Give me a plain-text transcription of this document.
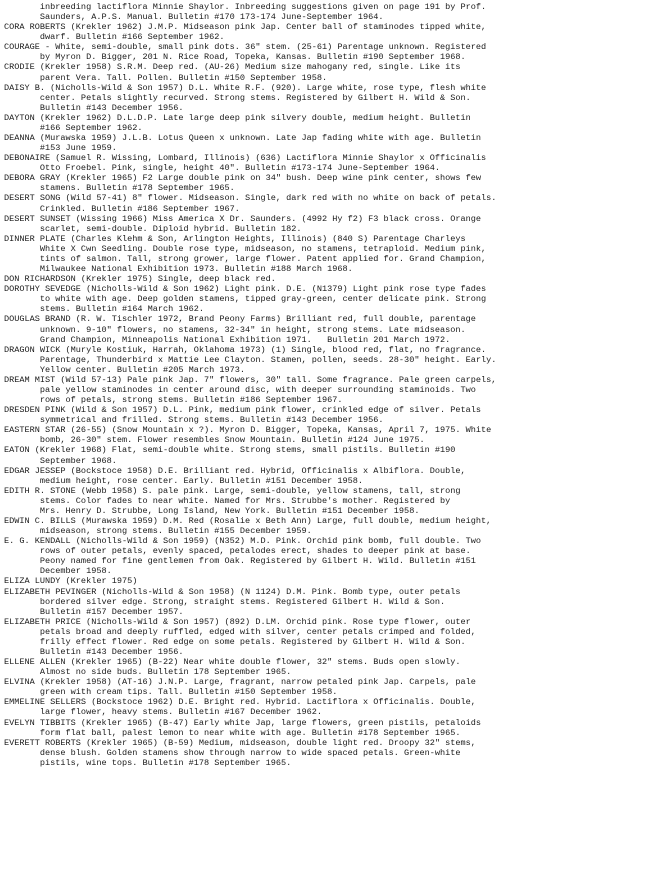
inbreeding lactiflora Minnie Shaylor. Inbreeding suggestions given on page 191 by Prof.
Saunders, A.P.S. Manual. Bulletin #170 173-174 June-September 1964.
CORA ROBERTS (Krekler 1962) J.M.P. Midseason pink Jap. Center ball of staminodes tipped white,
dwarf. Bulletin #166 September 1962.
COURAGE - White, semi-double, small pink dots. 36" stem. (25-61) Parentage unknown. Registered
by Myron D. Bigger, 201 N. Rice Road, Topeka, Kansas. Bulletin #190 September 1968.
CRODIE (Krekler 1958) S.R.M. Deep red. (AU-26) Medium size mahogany red, single. Like its
parent Vera. Tall. Pollen. Bulletin #150 September 1958.
DAISY B. (Nicholls-Wild & Son 1957) D.L. White R.F. (920). Large white, rose type, flesh white
center. Petals slightly recurved. Strong stems. Registered by Gilbert H. Wild & Son.
Bulletin #143 December 1956.
DAYTON (Krekler 1962) D.L.D.P. Late large deep pink silvery double, medium height. Bulletin
#166 September 1962.
DEANNA (Murawska 1959) J.L.B. Lotus Queen x unknown. Late Jap fading white with age. Bulletin
#153 June 1959.
DEBONAIRE (Samuel R. Wissing, Lombard, Illinois) (636) Lactiflora Minnie Shaylor x Officinalis
Otto Froebel. Pink, single, height 40". Bulletin #173-174 June-September 1964.
DEBORA GRAY (Krekler 1965) F2 Large double pink on 34" bush. Deep wine pink center, shows few
stamens. Bulletin #178 September 1965.
DESERT SONG (Wild 57-41) 8" flower. Midseason. Single, dark red with no white on back of petals.
Crinkled. Bulletin #186 September 1967.
DESERT SUNSET (Wissing 1966) Miss America X Dr. Saunders. (4992 Hy f2) F3 black cross. Orange
scarlet, semi-double. Diploid hybrid. Bulletin 182.
DINNER PLATE (Charles Klehm & Son, Arlington Heights, Illinois) (840 S) Parentage Charleys
White X Cwn Seedling. Double rose type, midseason, no stamens, tetraploid. Medium pink,
tints of salmon. Tall, strong grower, large flower. Patent applied for. Grand Champion,
Milwaukee National Exhibition 1973. Bulletin #188 March 1968.
DON RICHARDSON (Krekler 1975) Single, deep black red.
DOROTHY SEVEDGE (Nicholls-Wild & Son 1962) Light pink. D.E. (N1379) Light pink rose type fades
to white with age. Deep golden stamens, tipped gray-green, center delicate pink. Strong
stems. Bulletin #164 March 1962.
DOUGLAS BRAND (R. W. Tischler 1972, Brand Peony Farms) Brilliant red, full double, parentage
unknown. 9-10" flowers, no stamens, 32-34" in height, strong stems. Late midseason.
Grand Champion, Minneapolis National Exhibition 1971.   Bulletin 201 March 1972.
DRAGON WICK (Muryle Kostiuk, Harrah, Oklahoma 1973) (1) Single, blood red, flat, no fragrance.
Parentage, Thunderbird x Mattie Lee Clayton. Stamen, pollen, seeds. 28-30" height. Early.
Yellow center. Bulletin #205 March 1973.
DREAM MIST (Wild 57-13) Pale pink Jap. 7" flowers, 30" tall. Some fragrance. Pale green carpels,
pale yellow staminodes in center around disc, with deeper surrounding staminoids. Two
rows of petals, strong stems. Bulletin #186 September 1967.
DRESDEN PINK (Wild & Son 1957) D.L. Pink, medium pink flower, crinkled edge of silver. Petals
symmetrical and frilled. Strong stems. Bulletin #143 December 1956.
EASTERN STAR (26-55) (Snow Mountain x ?). Myron D. Bigger, Topeka, Kansas, April 7, 1975. White
bomb, 26-30" stem. Flower resembles Snow Mountain. Bulletin #124 June 1975.
EATON (Krekler 1968) Flat, semi-double white. Strong stems, small pistils. Bulletin #190
September 1968.
EDGAR JESSEP (Bockstoce 1958) D.E. Brilliant red. Hybrid, Officinalis x Albiflora. Double,
medium height, rose center. Early. Bulletin #151 December 1958.
EDITH R. STONE (Webb 1958) S. pale pink. Large, semi-double, yellow stamens, tall, strong
stems. Color fades to near white. Named for Mrs. Strubbe's mother. Registered by
Mrs. Henry D. Strubbe, Long Island, New York. Bulletin #151 December 1958.
EDWIN C. BILLS (Murawska 1959) D.M. Red (Rosalie x Beth Ann) Large, full double, medium height,
midseason, strong stems. Bulletin #155 December 1959.
E. G. KENDALL (Nicholls-Wild & Son 1959) (N352) M.D. Pink. Orchid pink bomb, full double. Two
rows of outer petals, evenly spaced, petalodes erect, shades to deeper pink at base.
Peony named for fine gentlemen from Oak. Registered by Gilbert H. Wild. Bulletin #151
December 1958.
ELIZA LUNDY (Krekler 1975)
ELIZABETH PEVINGER (Nicholls-Wild & Son 1958) (N 1124) D.M. Pink. Bomb type, outer petals
bordered silver edge. Strong, straight stems. Registered Gilbert H. Wild & Son.
Bulletin #157 December 1957.
ELIZABETH PRICE (Nicholls-Wild & Son 1957) (892) D.LM. Orchid pink. Rose type flower, outer
petals broad and deeply ruffled, edged with silver, center petals crimped and folded,
frilly effect flower. Red edge on some petals. Registered by Gilbert H. Wild & Son.
Bulletin #143 December 1956.
ELLENE ALLEN (Krekler 1965) (B-22) Near white double flower, 32" stems. Buds open slowly.
Almost no side buds. Bulletin 178 September 1965.
ELVINA (Krekler 1958) (AT-16) J.N.P. Large, fragrant, narrow petaled pink Jap. Carpels, pale
green with cream tips. Tall. Bulletin #150 September 1958.
EMMELINE SELLERS (Bockstoce 1962) D.E. Bright red. Hybrid. Lactiflora x Officinalis. Double,
large flower, heavy stems. Bulletin #167 December 1962.
EVELYN TIBBITS (Krekler 1965) (B-47) Early white Jap, large flowers, green pistils, petaloids
form flat ball, palest lemon to near white with age. Bulletin #178 September 1965.
EVERETT ROBERTS (Krekler 1965) (B-59) Medium, midseason, double light red. Droopy 32" stems,
dense blush. Golden stamens show through narrow to wide spaced petals. Green-white
pistils, wine tops. Bulletin #178 September 1965.
